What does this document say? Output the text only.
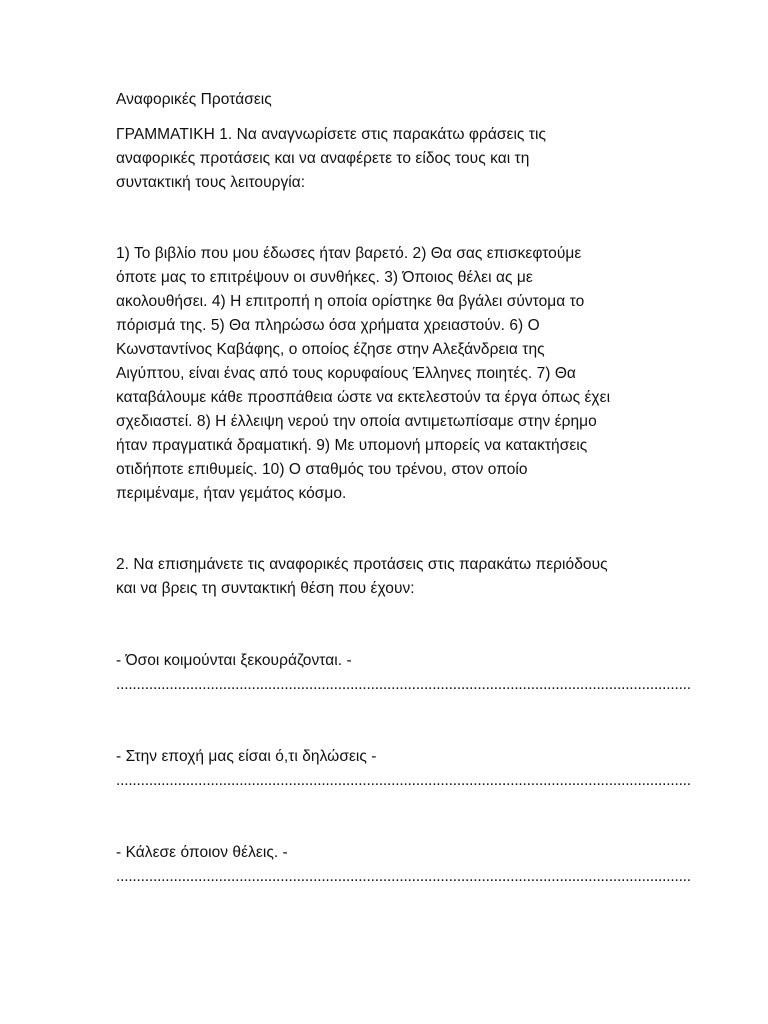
Αναφορικές Προτάσεις
ΓΡΑΜΜΑΤΙΚΗ 1. Να αναγνωρίσετε στις παρακάτω φράσεις τις
αναφορικές προτάσεις και να αναφέρετε το είδος τους και τη
συντακτική τους λειτουργία:
1) Το βιβλίο που μου έδωσες ήταν βαρετό. 2) Θα σας επισκεφτούμε
όποτε μας το επιτρέψουν οι συνθήκες. 3) Όποιος θέλει ας με
ακολουθήσει. 4) Η επιτροπή η οποία ορίστηκε θα βγάλει σύντομα το
πόρισμά της. 5) Θα πληρώσω όσα χρήματα χρειαστούν. 6) Ο
Κωνσταντίνος Καβάφης, ο οποίος έζησε στην Αλεξάνδρεια της
Αιγύπτου, είναι ένας από τους κορυφαίους Έλληνες ποιητές. 7) Θα
καταβάλουμε κάθε προσπάθεια ώστε να εκτελεστούν τα έργα όπως έχει
σχεδιαστεί. 8) Η έλλειψη νερού την οποία αντιμετωπίσαμε στην έρημο
ήταν πραγματικά δραματική. 9) Με υπομονή μπορείς να κατακτήσεις
οτιδήποτε επιθυμείς. 10) Ο σταθμός του τρένου, στον οποίο
περιμέναμε, ήταν γεμάτος κόσμο.
2. Να επισημάνετε τις αναφορικές προτάσεις στις παρακάτω περιόδους
και να βρεις τη συντακτική θέση που έχουν:
- Όσοι κοιμούνται ξεκουράζονται. -
............................................................................................................................................
- Στην εποχή μας είσαι ό,τι δηλώσεις -
............................................................................................................................................
- Κάλεσε όποιον θέλεις. -
............................................................................................................................................
